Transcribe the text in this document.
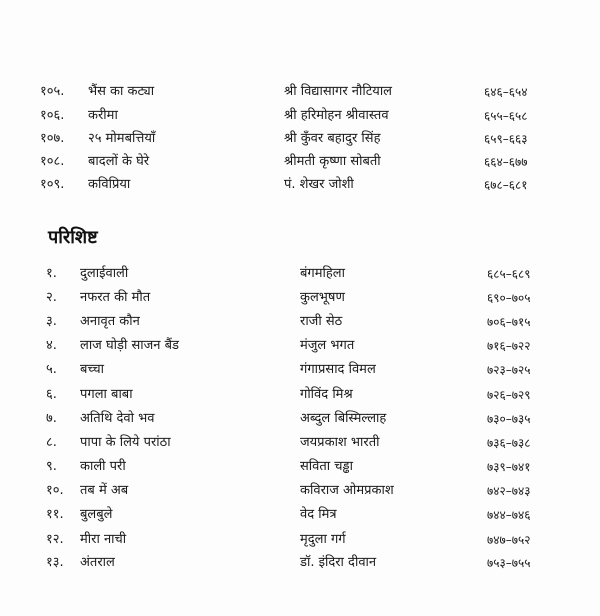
१०५. भैंस का कट्या	श्री विद्यासागर नौटियाल	६४६–६५४
१०६. करीमा	श्री हरिमोहन श्रीवास्तव	६५५–६५८
१०७. २५ मोमबत्तियाँ	श्री कुँवर बहादुर सिंह	६५९–६६३
१०८. बादलों के घेरे	श्रीमती कृष्णा सोबती	६६४–६७७
१०९. कविप्रिया	पं. शेखर जोशी	६७८–६८१
परिशिष्ट
१. दुलाईवाली	बंगमहिला	६८५–६८९
२. नफरत की मौत	कुलभूषण	६९०–७०५
३. अनावृत कौन	राजी सेठ	७०६–७१५
४. लाज घोड़ी साजन बैंड	मंजुल भगत	७१६–७२२
५. बच्चा	गंगाप्रसाद विमल	७२३–७२५
६. पगला बाबा	गोविंद मिश्र	७२६–७२९
७. अतिथि देवो भव	अब्दुल बिस्मिल्लाह	७३०–७३५
८. पापा के लिये परांठा	जयप्रकाश भारती	७३६–७३८
९. काली परी	सविता चड्ढा	७३९–७४१
१०. तब में अब	कविराज ओमप्रकाश	७४२–७४३
११. बुलबुले	वेद मित्र	७४४–७४६
१२. मीरा नाची	मृदुला गर्ग	७४७–७५२
१३. अंतराल	डॉ. इंदिरा दीवान	७५३–७५५
